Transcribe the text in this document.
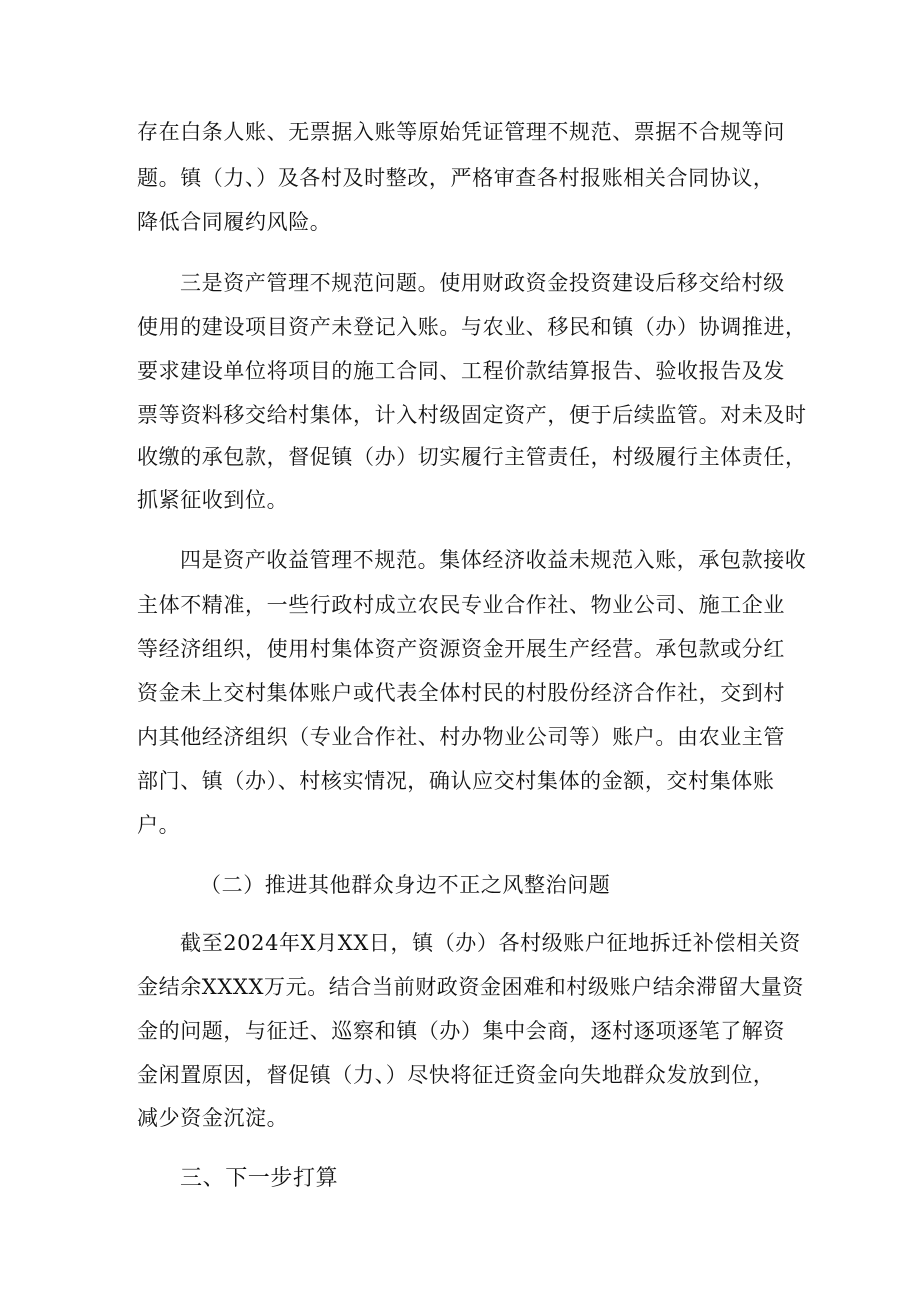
存在白条人账、无票据入账等原始凭证管理不规范、票据不合规等问
题。镇（力、）及各村及时整改，严格审查各村报账相关合同协议，
降低合同履约风险。
三是资产管理不规范问题。使用财政资金投资建设后移交给村级
使用的建设项目资产未登记入账。与农业、移民和镇（办）协调推进，
要求建设单位将项目的施工合同、工程价款结算报告、验收报告及发
票等资料移交给村集体，计入村级固定资产，便于后续监管。对未及时
收缴的承包款，督促镇（办）切实履行主管责任，村级履行主体责任，
抓紧征收到位。
四是资产收益管理不规范。集体经济收益未规范入账，承包款接收
主体不精准，一些行政村成立农民专业合作社、物业公司、施工企业
等经济组织，使用村集体资产资源资金开展生产经营。承包款或分红
资金未上交村集体账户或代表全体村民的村股份经济合作社，交到村
内其他经济组织（专业合作社、村办物业公司等）账户。由农业主管
部门、镇（办）、村核实情况，确认应交村集体的金额，交村集体账
户。
（二）推进其他群众身边不正之风整治问题
截至2024年X月XX日，镇（办）各村级账户征地拆迁补偿相关资
金结余XXXX万元。结合当前财政资金困难和村级账户结余滞留大量资
金的问题，与征迁、巡察和镇（办）集中会商，逐村逐项逐笔了解资
金闲置原因，督促镇（力、）尽快将征迁资金向失地群众发放到位，
减少资金沉淀。
三、下一步打算
